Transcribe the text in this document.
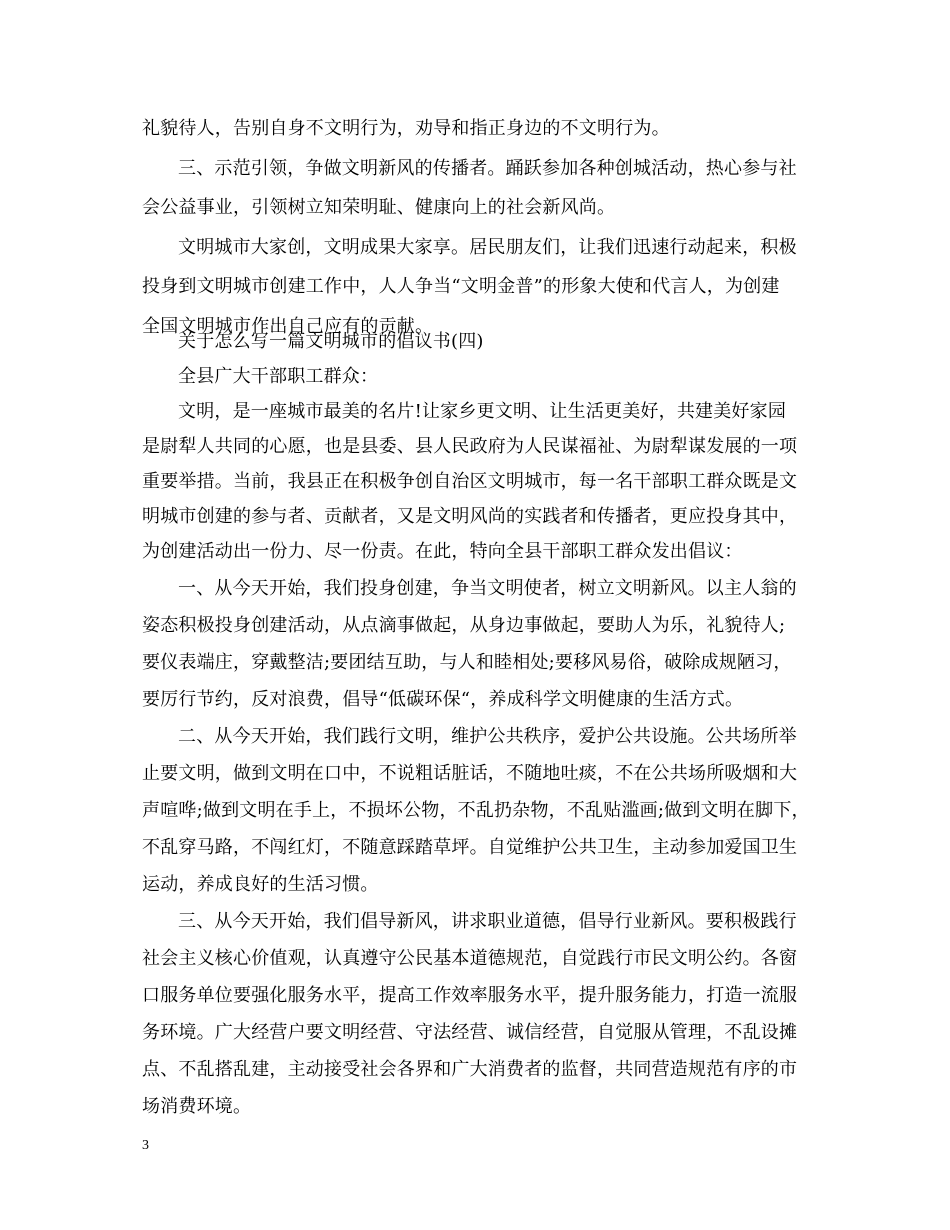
礼貌待人，告别自身不文明行为，劝导和指正身边的不文明行为。
三、示范引领，争做文明新风的传播者。踊跃参加各种创城活动，热心参与社
会公益事业，引领树立知荣明耻、健康向上的社会新风尚。
文明城市大家创，文明成果大家享。居民朋友们，让我们迅速行动起来，积极
投身到文明城市创建工作中，人人争当“文明金普”的形象大使和代言人，为创建
全国文明城市作出自己应有的贡献。
关于怎么写一篇文明城市的倡议书(四)
全县广大干部职工群众：
文明，是一座城市最美的名片!让家乡更文明、让生活更美好，共建美好家园
是尉犁人共同的心愿，也是县委、县人民政府为人民谋福祉、为尉犁谋发展的一项
重要举措。当前，我县正在积极争创自治区文明城市，每一名干部职工群众既是文
明城市创建的参与者、贡献者，又是文明风尚的实践者和传播者，更应投身其中，
为创建活动出一份力、尽一份责。在此，特向全县干部职工群众发出倡议：
一、从今天开始，我们投身创建，争当文明使者，树立文明新风。以主人翁的
姿态积极投身创建活动，从点滴事做起，从身边事做起，要助人为乐，礼貌待人;
要仪表端庄，穿戴整洁;要团结互助，与人和睦相处;要移风易俗，破除成规陋习，
要厉行节约，反对浪费，倡导“低碳环保“，养成科学文明健康的生活方式。
二、从今天开始，我们践行文明，维护公共秩序，爱护公共设施。公共场所举
止要文明，做到文明在口中，不说粗话脏话，不随地吐痰，不在公共场所吸烟和大
声喧哗;做到文明在手上，不损坏公物，不乱扔杂物，不乱贴滥画;做到文明在脚下，
不乱穿马路，不闯红灯，不随意踩踏草坪。自觉维护公共卫生，主动参加爱国卫生
运动，养成良好的生活习惯。
三、从今天开始，我们倡导新风，讲求职业道德，倡导行业新风。要积极践行
社会主义核心价值观，认真遵守公民基本道德规范，自觉践行市民文明公约。各窗
口服务单位要强化服务水平，提高工作效率服务水平，提升服务能力，打造一流服
务环境。广大经营户要文明经营、守法经营、诚信经营，自觉服从管理，不乱设摊
点、不乱搭乱建，主动接受社会各界和广大消费者的监督，共同营造规范有序的市
场消费环境。
3
